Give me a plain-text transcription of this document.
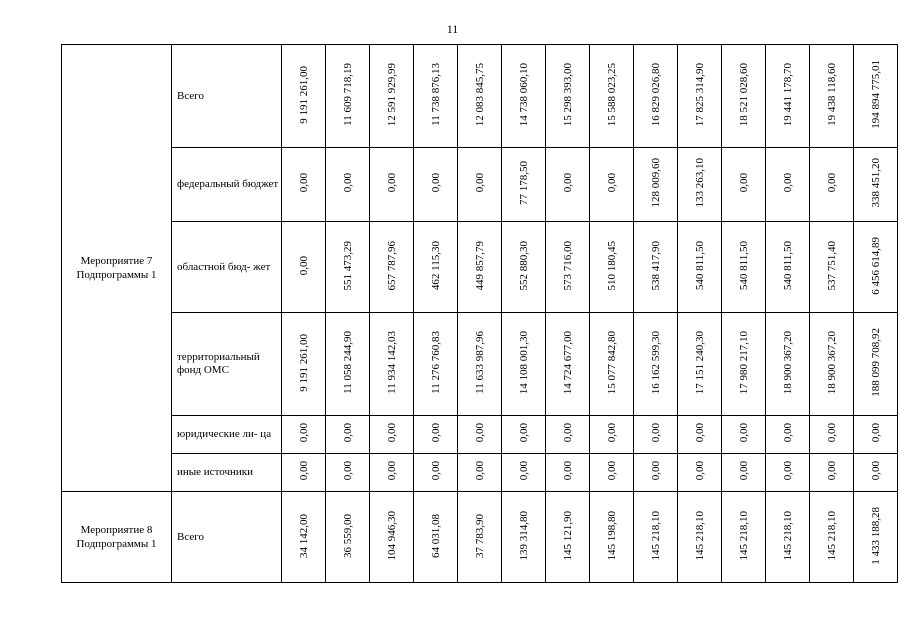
11
Мероприятие 7 Подпрограммы 1	Всего	9 191 261,00	11 609 718,19	12 591 929,99	11 738 876,13	12 083 845,75	14 738 060,10	15 298 393,00	15 588 023,25	16 829 026,80	17 825 314,90	18 521 028,60	19 441 178,70	19 438 118,60	194 894 775,01
	федеральный бюджет	0,00	0,00	0,00	0,00	0,00	77 178,50	0,00	0,00	128 009,60	133 263,10	0,00	0,00	0,00	338 451,20
	областной бюд- жет	0,00	551 473,29	657 787,96	462 115,30	449 857,79	552 880,30	573 716,00	510 180,45	538 417,90	540 811,50	540 811,50	540 811,50	537 751,40	6 456 614,89
	территориальный фонд ОМС	9 191 261,00	11 058 244,90	11 934 142,03	11 276 760,83	11 633 987,96	14 108 001,30	14 724 677,00	15 077 842,80	16 162 599,30	17 151 240,30	17 980 217,10	18 900 367,20	18 900 367,20	188 099 708,92
	юридические ли- ца	0,00	0,00	0,00	0,00	0,00	0,00	0,00	0,00	0,00	0,00	0,00	0,00	0,00	0,00
	иные источники	0,00	0,00	0,00	0,00	0,00	0,00	0,00	0,00	0,00	0,00	0,00	0,00	0,00	0,00
Мероприятие 8 Подпрограммы 1	Всего	34 142,00	36 559,00	104 946,30	64 031,08	37 783,90	139 314,80	145 121,90	145 198,80	145 218,10	145 218,10	145 218,10	145 218,10	145 218,10	1 433 188,28
